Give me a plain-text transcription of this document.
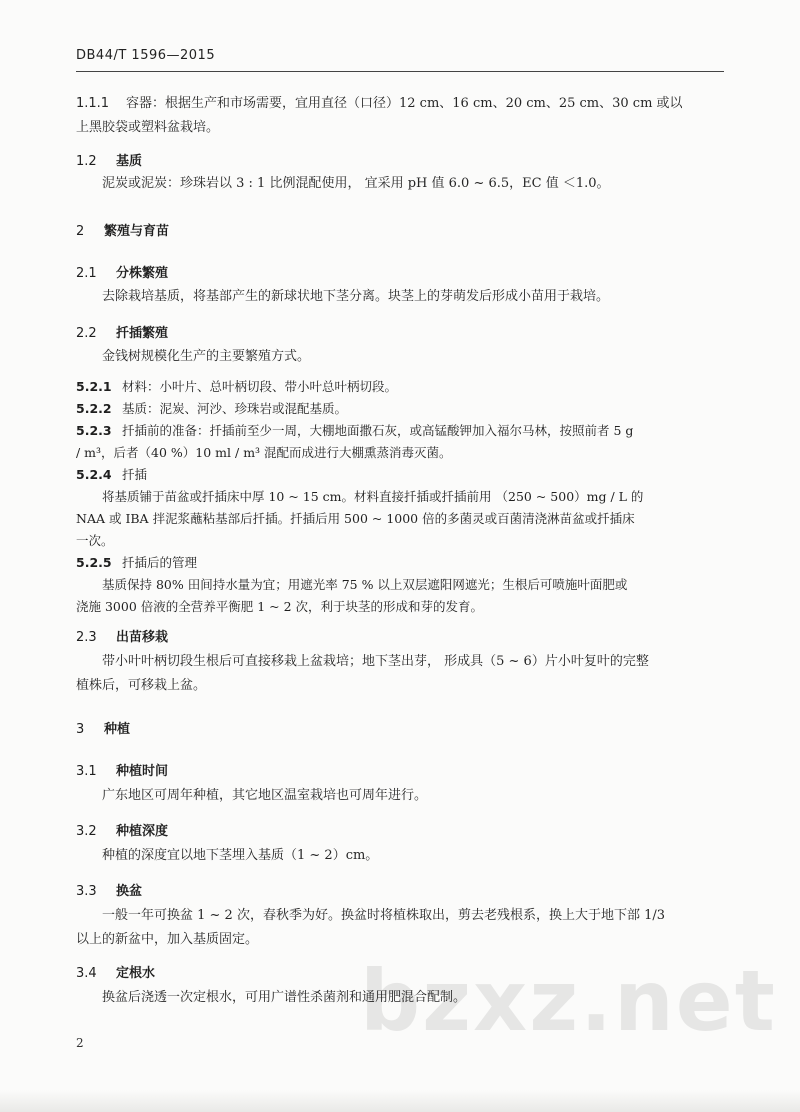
DB44/T 1596—2015
1.1.1 容器：根据生产和市场需要，宜用直径（口径）12 cm、16 cm、20 cm、25 cm、30 cm 或以
上黑胶袋或塑料盆栽培。
1.2 基质
泥炭或泥炭：珍珠岩以 3 : 1 比例混配使用， 宜采用 pH 值 6.0 ~ 6.5，EC 值 ＜1.0。
2 繁殖与育苗
2.1 分株繁殖
去除栽培基质，将基部产生的新球状地下茎分离。块茎上的芽萌发后形成小苗用于栽培。
2.2 扦插繁殖
金钱树规模化生产的主要繁殖方式。
5.2.1 材料：小叶片、总叶柄切段、带小叶总叶柄切段。
5.2.2 基质：泥炭、河沙、珍珠岩或混配基质。
5.2.3 扦插前的准备：扦插前至少一周，大棚地面撒石灰，或高锰酸钾加入福尔马林，按照前者 5 g
/ m³，后者（40 %）10 ml / m³ 混配而成进行大棚熏蒸消毒灭菌。
5.2.4 扦插
将基质铺于苗盆或扦插床中厚 10 ~ 15 cm。材料直接扦插或扦插前用 （250 ~ 500）mg / L 的
NAA 或 IBA 拌泥浆蘸粘基部后扦插。扦插后用 500 ~ 1000 倍的多菌灵或百菌清浇淋苗盆或扦插床
一次。
5.2.5 扦插后的管理
基质保持 80% 田间持水量为宜；用遮光率 75 % 以上双层遮阳网遮光；生根后可喷施叶面肥或
浇施 3000 倍液的全营养平衡肥 1 ~ 2 次，利于块茎的形成和芽的发育。
2.3 出苗移栽
带小叶叶柄切段生根后可直接移栽上盆栽培；地下茎出芽， 形成具（5 ~ 6）片小叶复叶的完整
植株后，可移栽上盆。
3 种植
3.1 种植时间
广东地区可周年种植，其它地区温室栽培也可周年进行。
3.2 种植深度
种植的深度宜以地下茎埋入基质（1 ~ 2）cm。
3.3 换盆
一般一年可换盆 1 ~ 2 次，春秋季为好。换盆时将植株取出，剪去老残根系，换上大于地下部 1/3
以上的新盆中，加入基质固定。
3.4 定根水
换盆后浇透一次定根水，可用广谱性杀菌剂和通用肥混合配制。
bzxz.net
2
